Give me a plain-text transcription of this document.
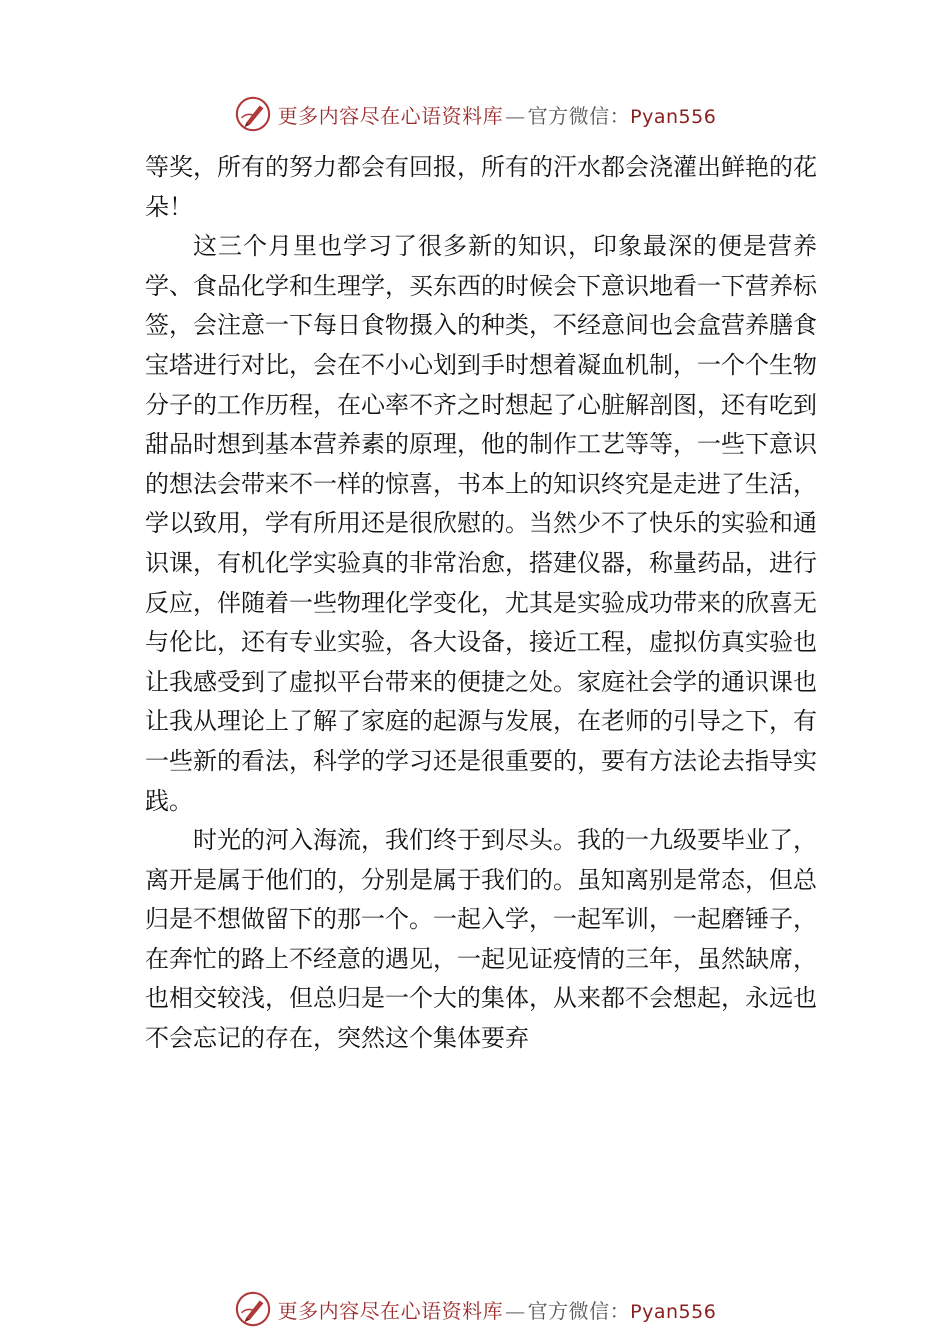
更多内容尽在心语资料库 — 官方微信：Pyan556

等奖，所有的努力都会有回报，所有的汗水都会浇灌出鲜艳的花朵！

这三个月里也学习了很多新的知识，印象最深的便是营养学、食品化学和生理学，买东西的时候会下意识地看一下营养标签，会注意一下每日食物摄入的种类，不经意间也会盒营养膳食宝塔进行对比，会在不小心划到手时想着凝血机制，一个个生物分子的工作历程，在心率不齐之时想起了心脏解剖图，还有吃到甜品时想到基本营养素的原理，他的制作工艺等等，一些下意识的想法会带来不一样的惊喜，书本上的知识终究是走进了生活，学以致用，学有所用还是很欣慰的。当然少不了快乐的实验和通识课，有机化学实验真的非常治愈，搭建仪器，称量药品，进行反应，伴随着一些物理化学变化，尤其是实验成功带来的欣喜无与伦比，还有专业实验，各大设备，接近工程，虚拟仿真实验也让我感受到了虚拟平台带来的便捷之处。家庭社会学的通识课也让我从理论上了解了家庭的起源与发展，在老师的引导之下，有一些新的看法，科学的学习还是很重要的，要有方法论去指导实践。

时光的河入海流，我们终于到尽头。我的一九级要毕业了，离开是属于他们的，分别是属于我们的。虽知离别是常态，但总归是不想做留下的那一个。一起入学，一起军训，一起磨锤子，在奔忙的路上不经意的遇见，一起见证疫情的三年，虽然缺席，也相交较浅，但总归是一个大的集体，从来都不会想起，永远也不会忘记的存在，突然这个集体要弃

更多内容尽在心语资料库 — 官方微信：Pyan556
